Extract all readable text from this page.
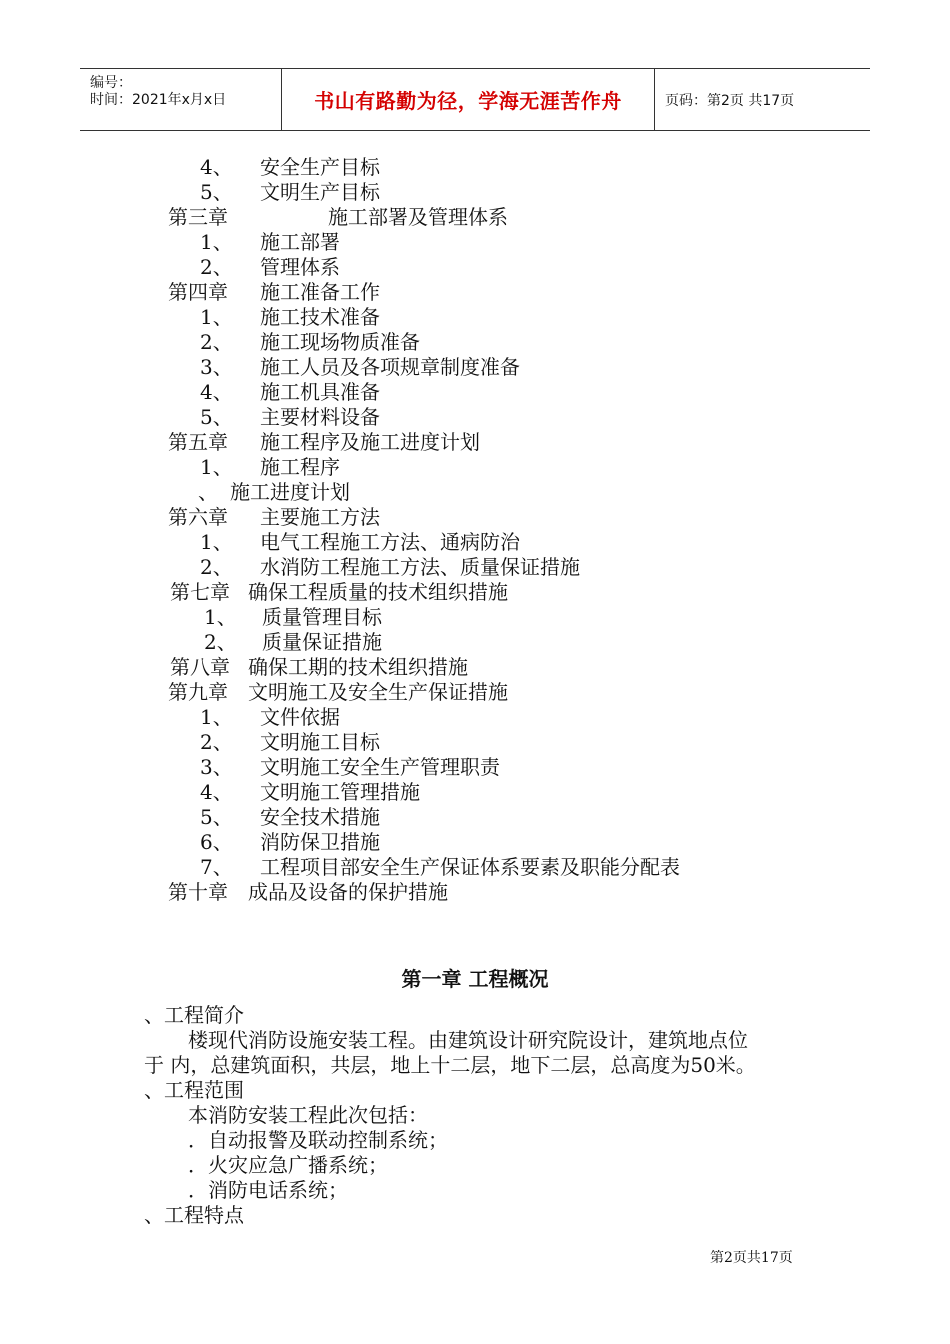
编号：
时间：2021年x月x日	书山有路勤为径，学海无涯苦作舟	页码：第2页 共17页
4、 安全生产目标
5、 文明生产目标
第三章	施工部署及管理体系
1、 施工部署
2、 管理体系
第四章 施工准备工作
1、 施工技术准备
2、 施工现场物质准备
3、 施工人员及各项规章制度准备
4、 施工机具准备
5、 主要材料设备
第五章 施工程序及施工进度计划
1、 施工程序
、 施工进度计划
第六章 主要施工方法
1、 电气工程施工方法、通病防治
2、 水消防工程施工方法、质量保证措施
第七章 确保工程质量的技术组织措施
1、 质量管理目标
2、 质量保证措施
第八章 确保工期的技术组织措施
第九章 文明施工及安全生产保证措施
1、 文件依据
2、 文明施工目标
3、 文明施工安全生产管理职责
4、 文明施工管理措施
5、 安全技术措施
6、 消防保卫措施
7、 工程项目部安全生产保证体系要素及职能分配表
第十章 成品及设备的保护措施
第一章 工程概况
、工程简介
楼现代消防设施安装工程。由建筑设计研究院设计，建筑地点位
于 内，总建筑面积，共层，地上十二层，地下二层，总高度为50米。
、工程范围
本消防安装工程此次包括：
．自动报警及联动控制系统；
．火灾应急广播系统；
．消防电话系统；
、工程特点
第2页共17页
